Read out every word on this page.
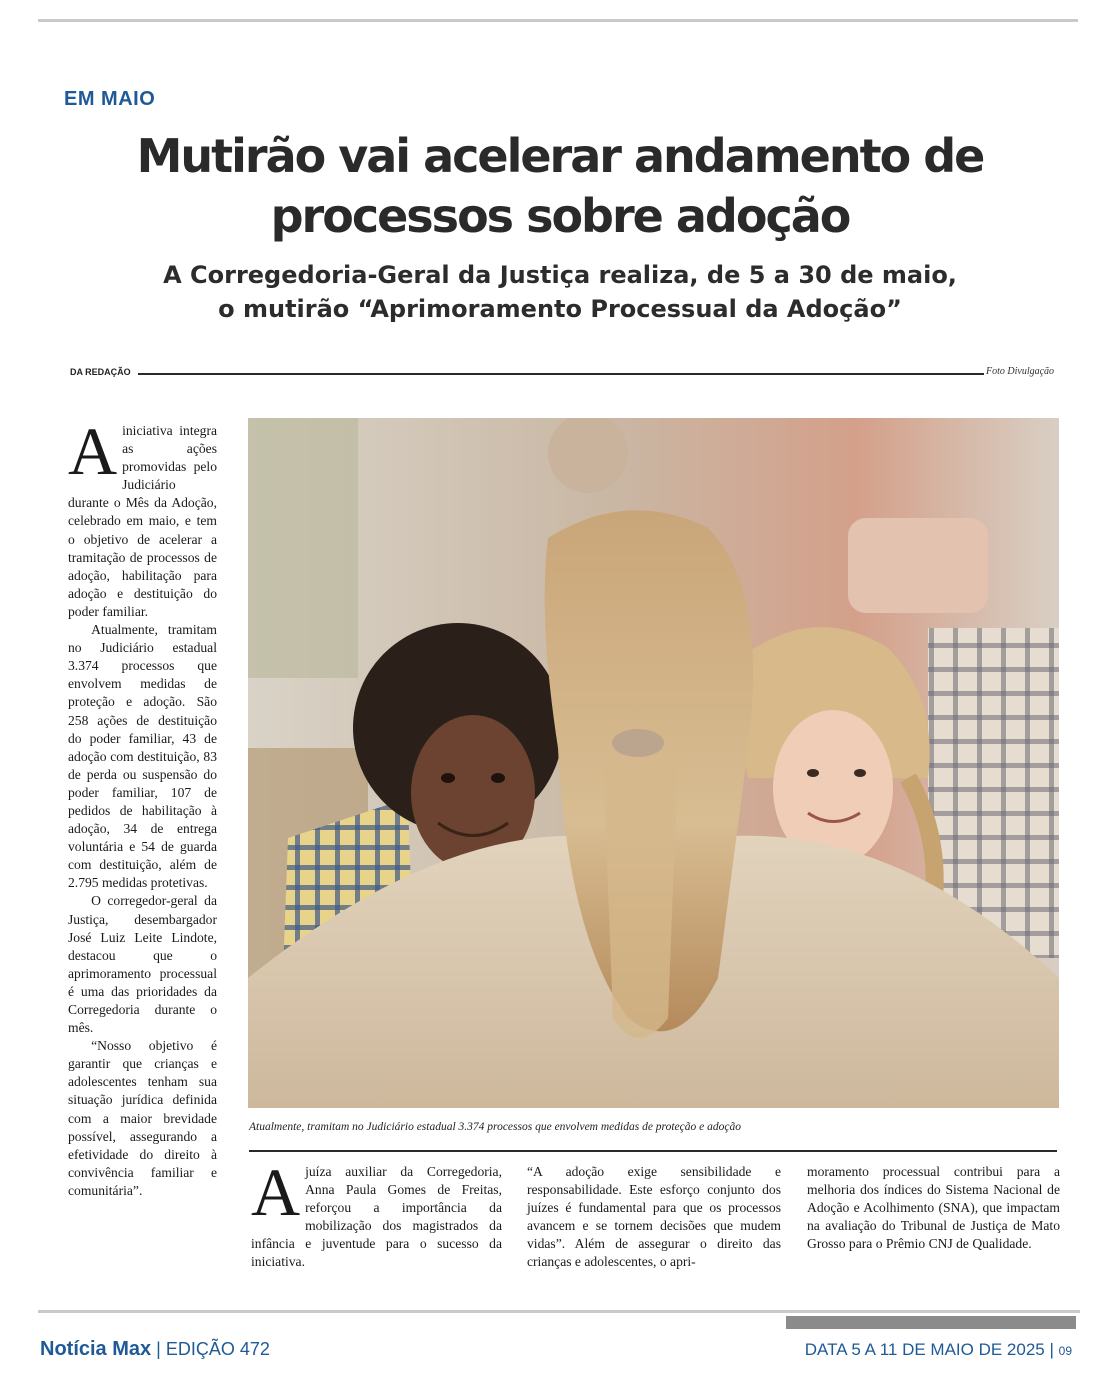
EM MAIO
Mutirão vai acelerar andamento de
processos sobre adoção
A Corregedoria-Geral da Justiça realiza, de 5 a 30 de maio,
o mutirão “Aprimoramento Processual da Adoção”
DA REDAÇÃO	Foto Divulgação
Atualmente, tramitam no Judiciário estadual 3.374 processos que envolvem medidas de proteção e adoção

Ainiciativa integra as ações promovidas pelo Judiciário durante o Mês da Adoção, celebrado em maio, e tem o objetivo de acelerar a tramitação de processos de adoção, habilitação para adoção e destituição do poder familiar.

Atualmente, tramitam no Judiciário estadual 3.374 processos que envolvem medidas de proteção e adoção. São 258 ações de destituição do poder familiar, 43 de adoção com destituição, 83 de perda ou suspensão do poder familiar, 107 de pedidos de habilitação à adoção, 34 de entrega voluntária e 54 de guarda com destituição, além de 2.795 medidas protetivas.

O corregedor-geral da Justiça, desembargador José Luiz Leite Lindote, destacou que o aprimoramento processual é uma das prioridades da Corregedoria durante o mês.

“Nosso objetivo é garantir que crianças e adolescentes tenham sua situação jurídica definida com a maior brevidade possível, assegurando a efetividade do direito à convivência familiar e comunitária”.	Ajuíza auxiliar da Corregedoria, Anna Paula Gomes de Freitas, reforçou a importância da mobilização dos magistrados da infância e juventude para o sucesso da iniciativa.

“A adoção exige sensibilidade e responsabilidade. Este esforço conjunto dos juízes é fundamental para que os processos avancem e se tornem decisões que mudem vidas”. Além de assegurar o direito das crianças e adolescentes, o apri-

moramento processual contribui para a melhoria dos índices do Sistema Nacional de Adoção e Acolhimento (SNA), que impactam na avaliação do Tribunal de Justiça de Mato Grosso para o Prêmio CNJ de Qualidade.

Notícia Max | EDIÇÃO 472	DATA 5 A 11 DE MAIO DE 2025 | 09
